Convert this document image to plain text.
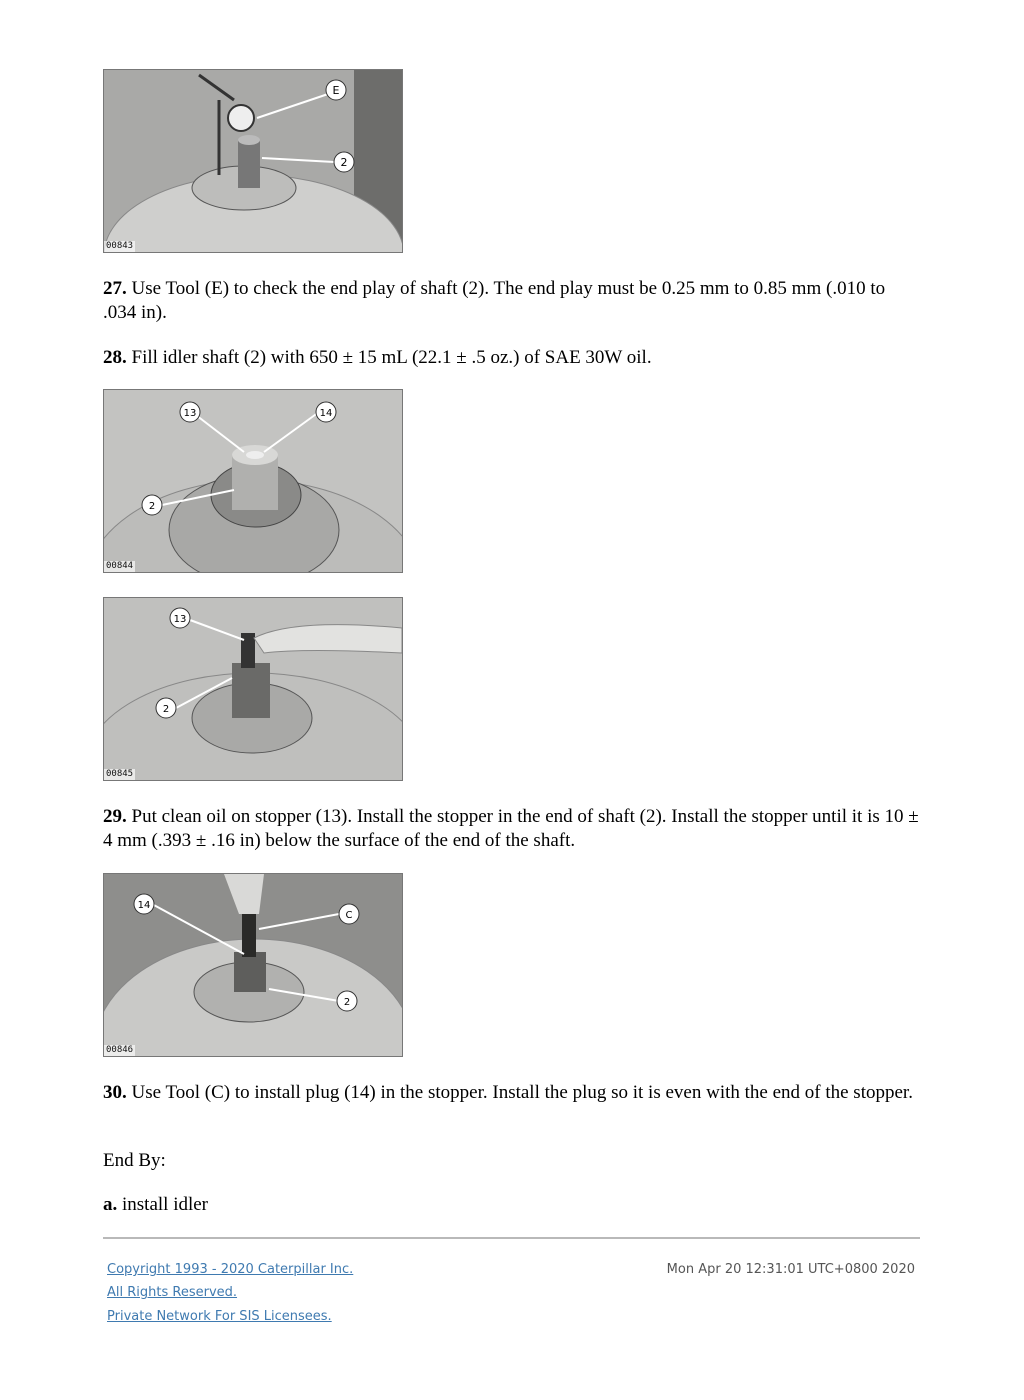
E
2
00843

27. Use Tool (E) to check the end play of shaft (2). The end play must be 0.25 mm to 0.85 mm (.010 to .034 in).

28. Fill idler shaft (2) with 650 ± 15 mL (22.1 ± .5 oz.) of SAE 30W oil.

13	14
2
00844
13
2
00845

29. Put clean oil on stopper (13). Install the stopper in the end of shaft (2). Install the stopper until it is 10 ± 4 mm (.393 ± .16 in) below the surface of the end of the shaft.

14
C
2
00846

30. Use Tool (C) to install plug (14) in the stopper. Install the plug so it is even with the end of the stopper.

End By:

a. install idler

Copyright 1993 - 2020 Caterpillar Inc.
All Rights Reserved.
Private Network For SIS Licensees.
Mon Apr 20 12:31:01 UTC+0800 2020
